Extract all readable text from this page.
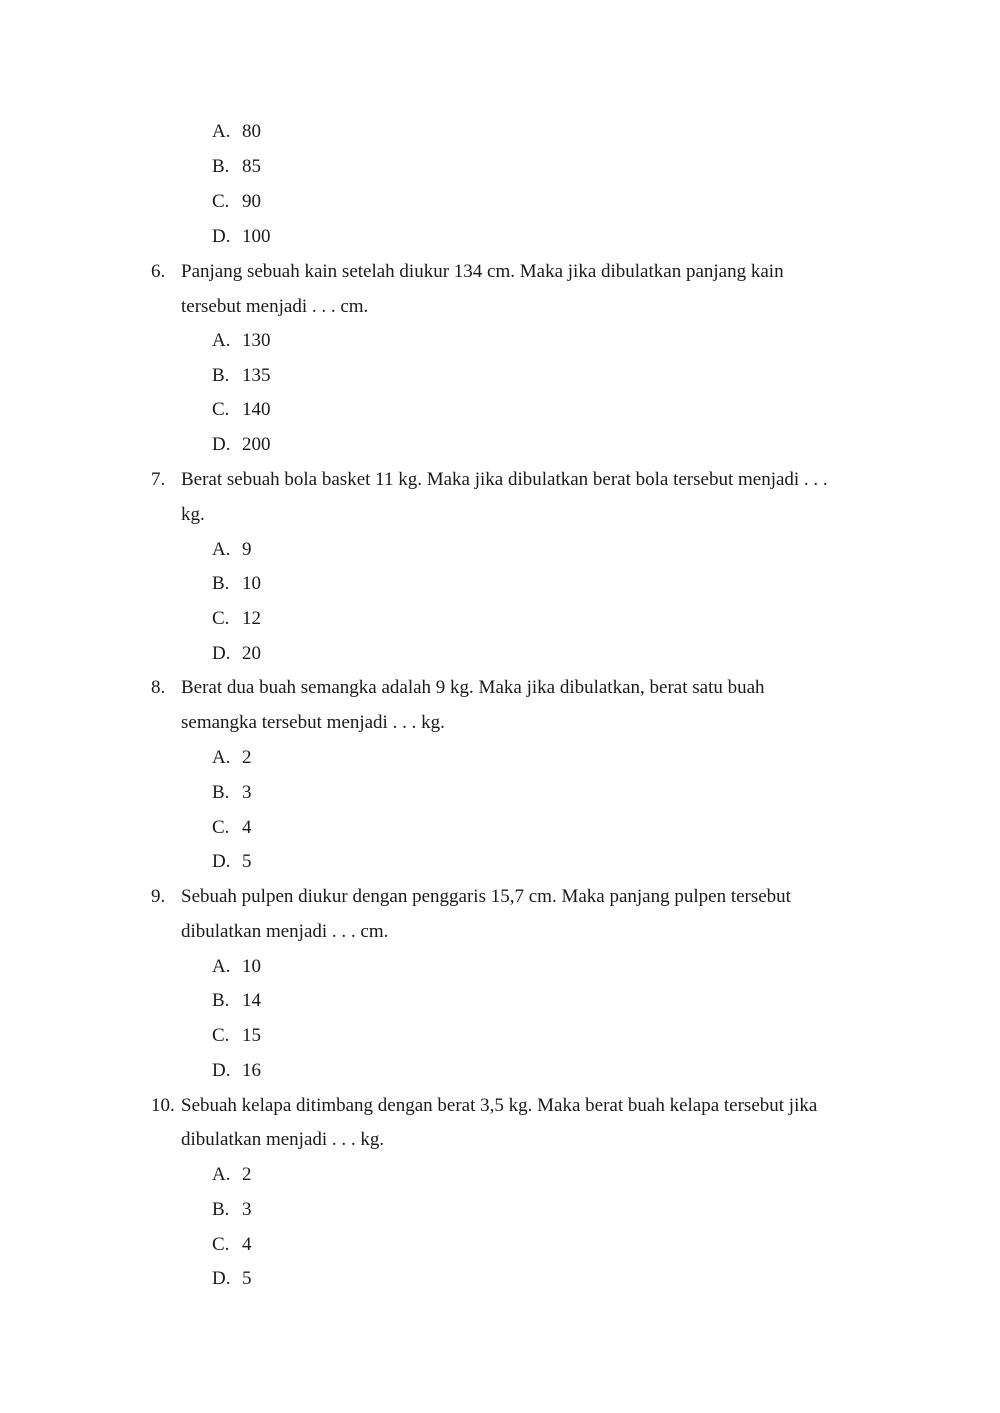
A. 80
B. 85
C. 90
D. 100
6. Panjang sebuah kain setelah diukur 134 cm. Maka jika dibulatkan panjang kain
tersebut menjadi . . . cm.
A. 130
B. 135
C. 140
D. 200
7. Berat sebuah bola basket 11 kg. Maka jika dibulatkan berat bola tersebut menjadi . . .
kg.
A. 9
B. 10
C. 12
D. 20
8. Berat dua buah semangka adalah 9 kg. Maka jika dibulatkan, berat satu buah
semangka tersebut menjadi . . . kg.
A. 2
B. 3
C. 4
D. 5
9. Sebuah pulpen diukur dengan penggaris 15,7 cm. Maka panjang pulpen tersebut
dibulatkan menjadi . . . cm.
A. 10
B. 14
C. 15
D. 16
10. Sebuah kelapa ditimbang dengan berat 3,5 kg. Maka berat buah kelapa tersebut jika
dibulatkan menjadi . . . kg.
A. 2
B. 3
C. 4
D. 5
